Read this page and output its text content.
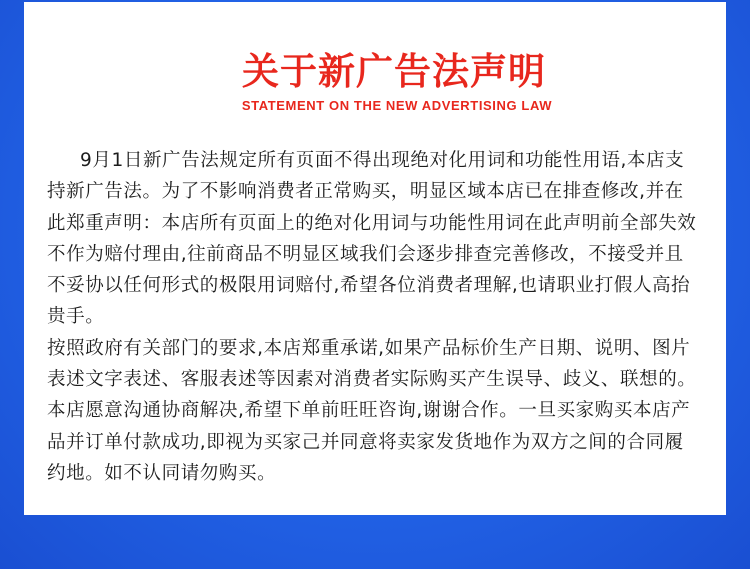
关于新广告法声明
STATEMENT ON THE NEW ADVERTISING LAW
9月1日新广告法规定所有页面不得出现绝对化用词和功能性用语,本店支
持新广告法。为了不影响消费者正常购买，明显区域本店已在排查修改,并在
此郑重声明：本店所有页面上的绝对化用词与功能性用词在此声明前全部失效
不作为赔付理由,往前商品不明显区域我们会逐步排查完善修改，不接受并且
不妥协以任何形式的极限用词赔付,希望各位消费者理解,也请职业打假人高抬
贵手。
按照政府有关部门的要求,本店郑重承诺,如果产品标价生产日期、说明、图片
表述文字表述、客服表述等因素对消费者实际购买产生误导、歧义、联想的。
本店愿意沟通协商解决,希望下单前旺旺咨询,谢谢合作。一旦买家购买本店产
品并订单付款成功,即视为买家己并同意将卖家发货地作为双方之间的合同履
约地。如不认同请勿购买。
